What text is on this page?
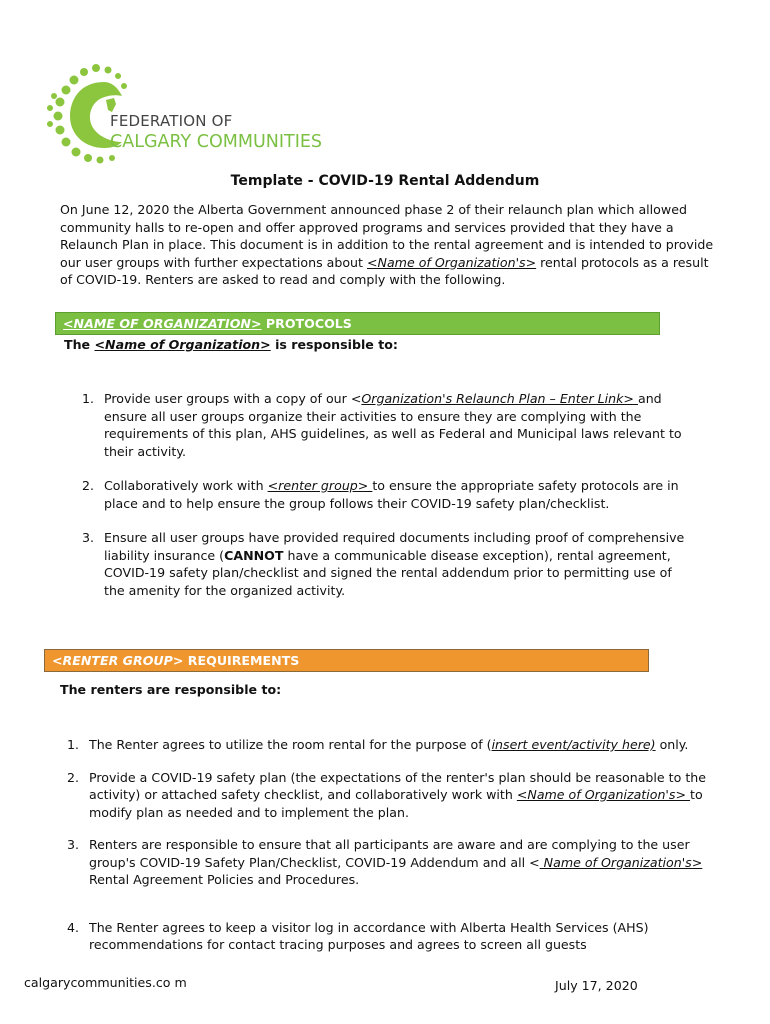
FEDERATION OF
CALGARY COMMUNITIES
Template - COVID-19 Rental Addendum
On June 12, 2020 the Alberta Government announced phase 2 of their relaunch plan which allowed community halls to re-open and offer approved programs and services provided that they have a Relaunch Plan in place. This document is in addition to the rental agreement and is intended to provide our user groups with further expectations about <Name of Organization's> rental protocols as a result of COVID-19. Renters are asked to read and comply with the following.
<NAME OF ORGANIZATION> PROTOCOLS
The <Name of Organization> is responsible to:
1. Provide user groups with a copy of our <Organization's Relaunch Plan – Enter Link> and ensure all user groups organize their activities to ensure they are complying with the requirements of this plan, AHS guidelines, as well as Federal and Municipal laws relevant to their activity.
2. Collaboratively work with <renter group> to ensure the appropriate safety protocols are in place and to help ensure the group follows their COVID-19 safety plan/checklist.
3. Ensure all user groups have provided required documents including proof of comprehensive liability insurance (CANNOT have a communicable disease exception), rental agreement, COVID-19 safety plan/checklist and signed the rental addendum prior to permitting use of the amenity for the organized activity.
<RENTER GROUP> REQUIREMENTS
The renters are responsible to:
1. The Renter agrees to utilize the room rental for the purpose of (insert event/activity here) only.
2. Provide a COVID-19 safety plan (the expectations of the renter's plan should be reasonable to the activity) or attached safety checklist, and collaboratively work with <Name of Organization's> to modify plan as needed and to implement the plan.
3. Renters are responsible to ensure that all participants are aware and are complying to the user group's COVID-19 Safety Plan/Checklist, COVID-19 Addendum and all < Name of Organization's> Rental Agreement Policies and Procedures.
4. The Renter agrees to keep a visitor log in accordance with Alberta Health Services (AHS) recommendations for contact tracing purposes and agrees to screen all guests
calgarycommunities.co m	July 17, 2020
